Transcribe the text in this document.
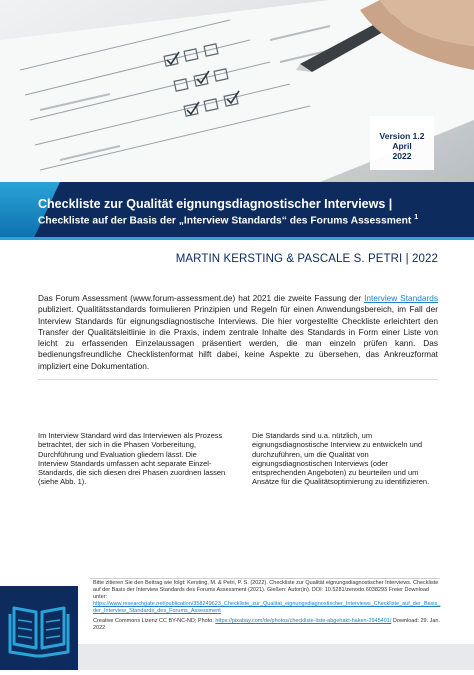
Version 1.2
April
2022
Checkliste zur Qualität eignungsdiagnostischer Interviews |
Checkliste auf der Basis der „Interview Standards“ des Forums Assessment $^1$
MARTIN KERSTING & PASCALE S. PETRI | 2022
Das Forum Assessment (www.forum-assessment.de) hat 2021 die zweite Fassung der Interview Standards publiziert. Qualitätsstandards formulieren Prinzipien und Regeln für einen Anwendungsbereich, im Fall der Interview Standards für eignungsdiagnostische Interviews. Die hier vorgestellte Checkliste erleichtert den Transfer der Qualitätsleitlinie in die Praxis, indem zentrale Inhalte des Standards in Form einer Liste von leicht zu erfassenden Einzelaussagen präsentiert werden, die man einzeln prüfen kann. Das bedienungsfreundliche Checklistenformat hilft dabei, keine Aspekte zu übersehen, das Ankreuzformat impliziert eine Dokumentation.
Im Interview Standard wird das Interviewen als Prozess betrachtet, der sich in die Phasen Vorbereitung, Durchführung und Evaluation gliedern lässt. Die Interview Standards umfassen acht separate Einzel-Standards, die sich diesen drei Phasen zuordnen lassen (siehe Abb. 1).
Die Standards sind u.a. nützlich, um eignungsdiagnostische Interview zu entwickeln und durchzuführen, um die Qualität von eignungsdiagnostischen Interviews (oder entsprechenden Angeboten) zu beurteilen und um Ansätze für die Qualitätsoptimierung zu identifizieren.

Bitte zitieren Sie den Beitrag wie folgt: Kersting, M. & Petri, P. S. (2022). Checkliste zur Qualität eignungsdiagnostischer Interviews. Checkliste auf der Basis der Interview Standards des Forums Assessment (2021). Gießen: Autor(in). DOI: 10.5281/zenodo.6038293 Freier Download unter:
https://www.researchgate.net/publication/358249623_Checkliste_zur_Qualitat_eignungsdiagnostischer_Interviews_Checkliste_auf_der_Basis_der_Interview_Standards_des_Forums_Assessment

Creative Commons Lizenz CC BY-NC-ND; Photo: https://pixabay.com/de/photos/checkliste-liste-abgehakt-haken-2945401/ Download: 29. Jan. 2022
